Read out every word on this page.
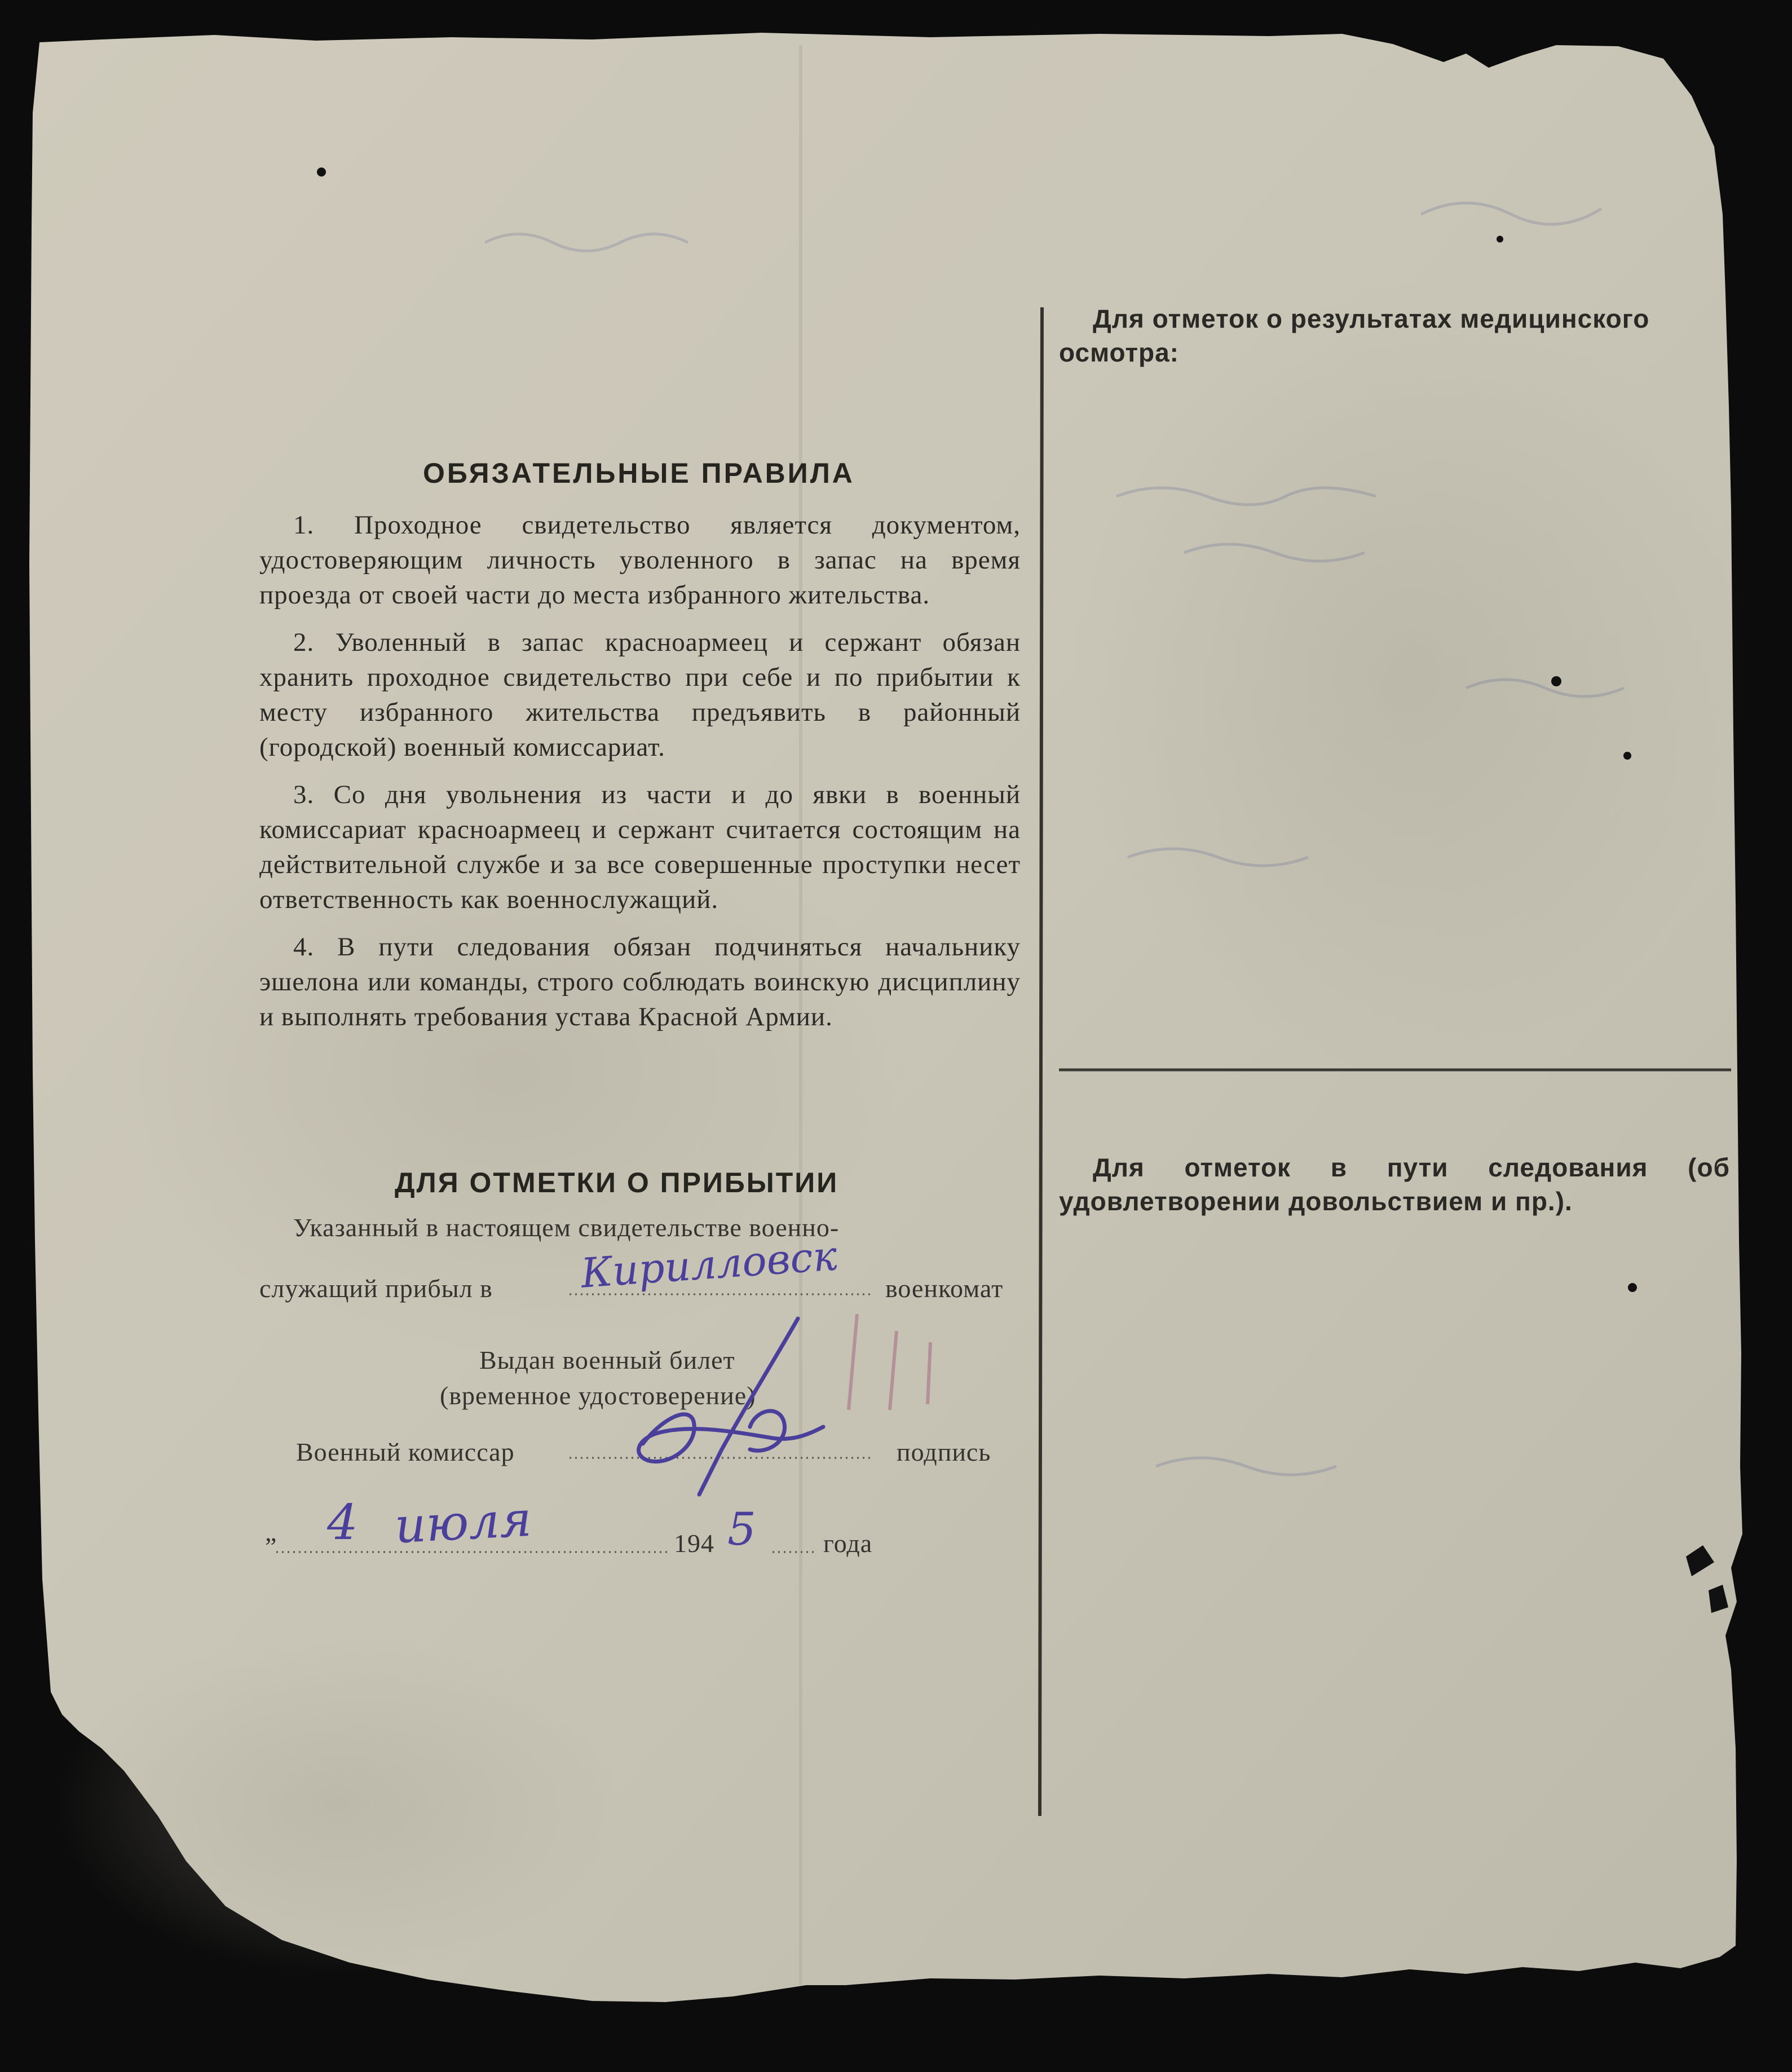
Для отметок о результатах медицинского осмотра:
Для отметок в пути следования (об удовлетворении довольствием и пр.).
ОБЯЗАТЕЛЬНЫЕ ПРАВИЛА

1. Проходное свидетельство является документом, удостоверяющим личность уволенного в запас на время проезда от своей части до места избранного жительства.

2. Уволенный в запас красноармеец и сержант обязан хранить проходное свидетельство при себе и по прибытии к месту избранного жительства предъявить в районный (городской) военный комиссариат.

3. Со дня увольнения из части и до явки в военный комиссариат красноармеец и сержант считается состоящим на действительной службе и за все совершенные проступки несет ответственность как военнослужащий.

4. В пути следования обязан подчиняться начальнику эшелона или команды, строго соблюдать воинскую дисциплину и выполнять требования устава Красной Армии.

ДЛЯ ОТМЕТКИ О ПРИБЫТИИ
Указанный в настоящем свидетельстве военно-
служащий прибыл в	военкомат
Выдан военный билет
(временное удостоверение)
Военный комиссар	подпись
„	194	года
Кирилловск
4 июля	5
